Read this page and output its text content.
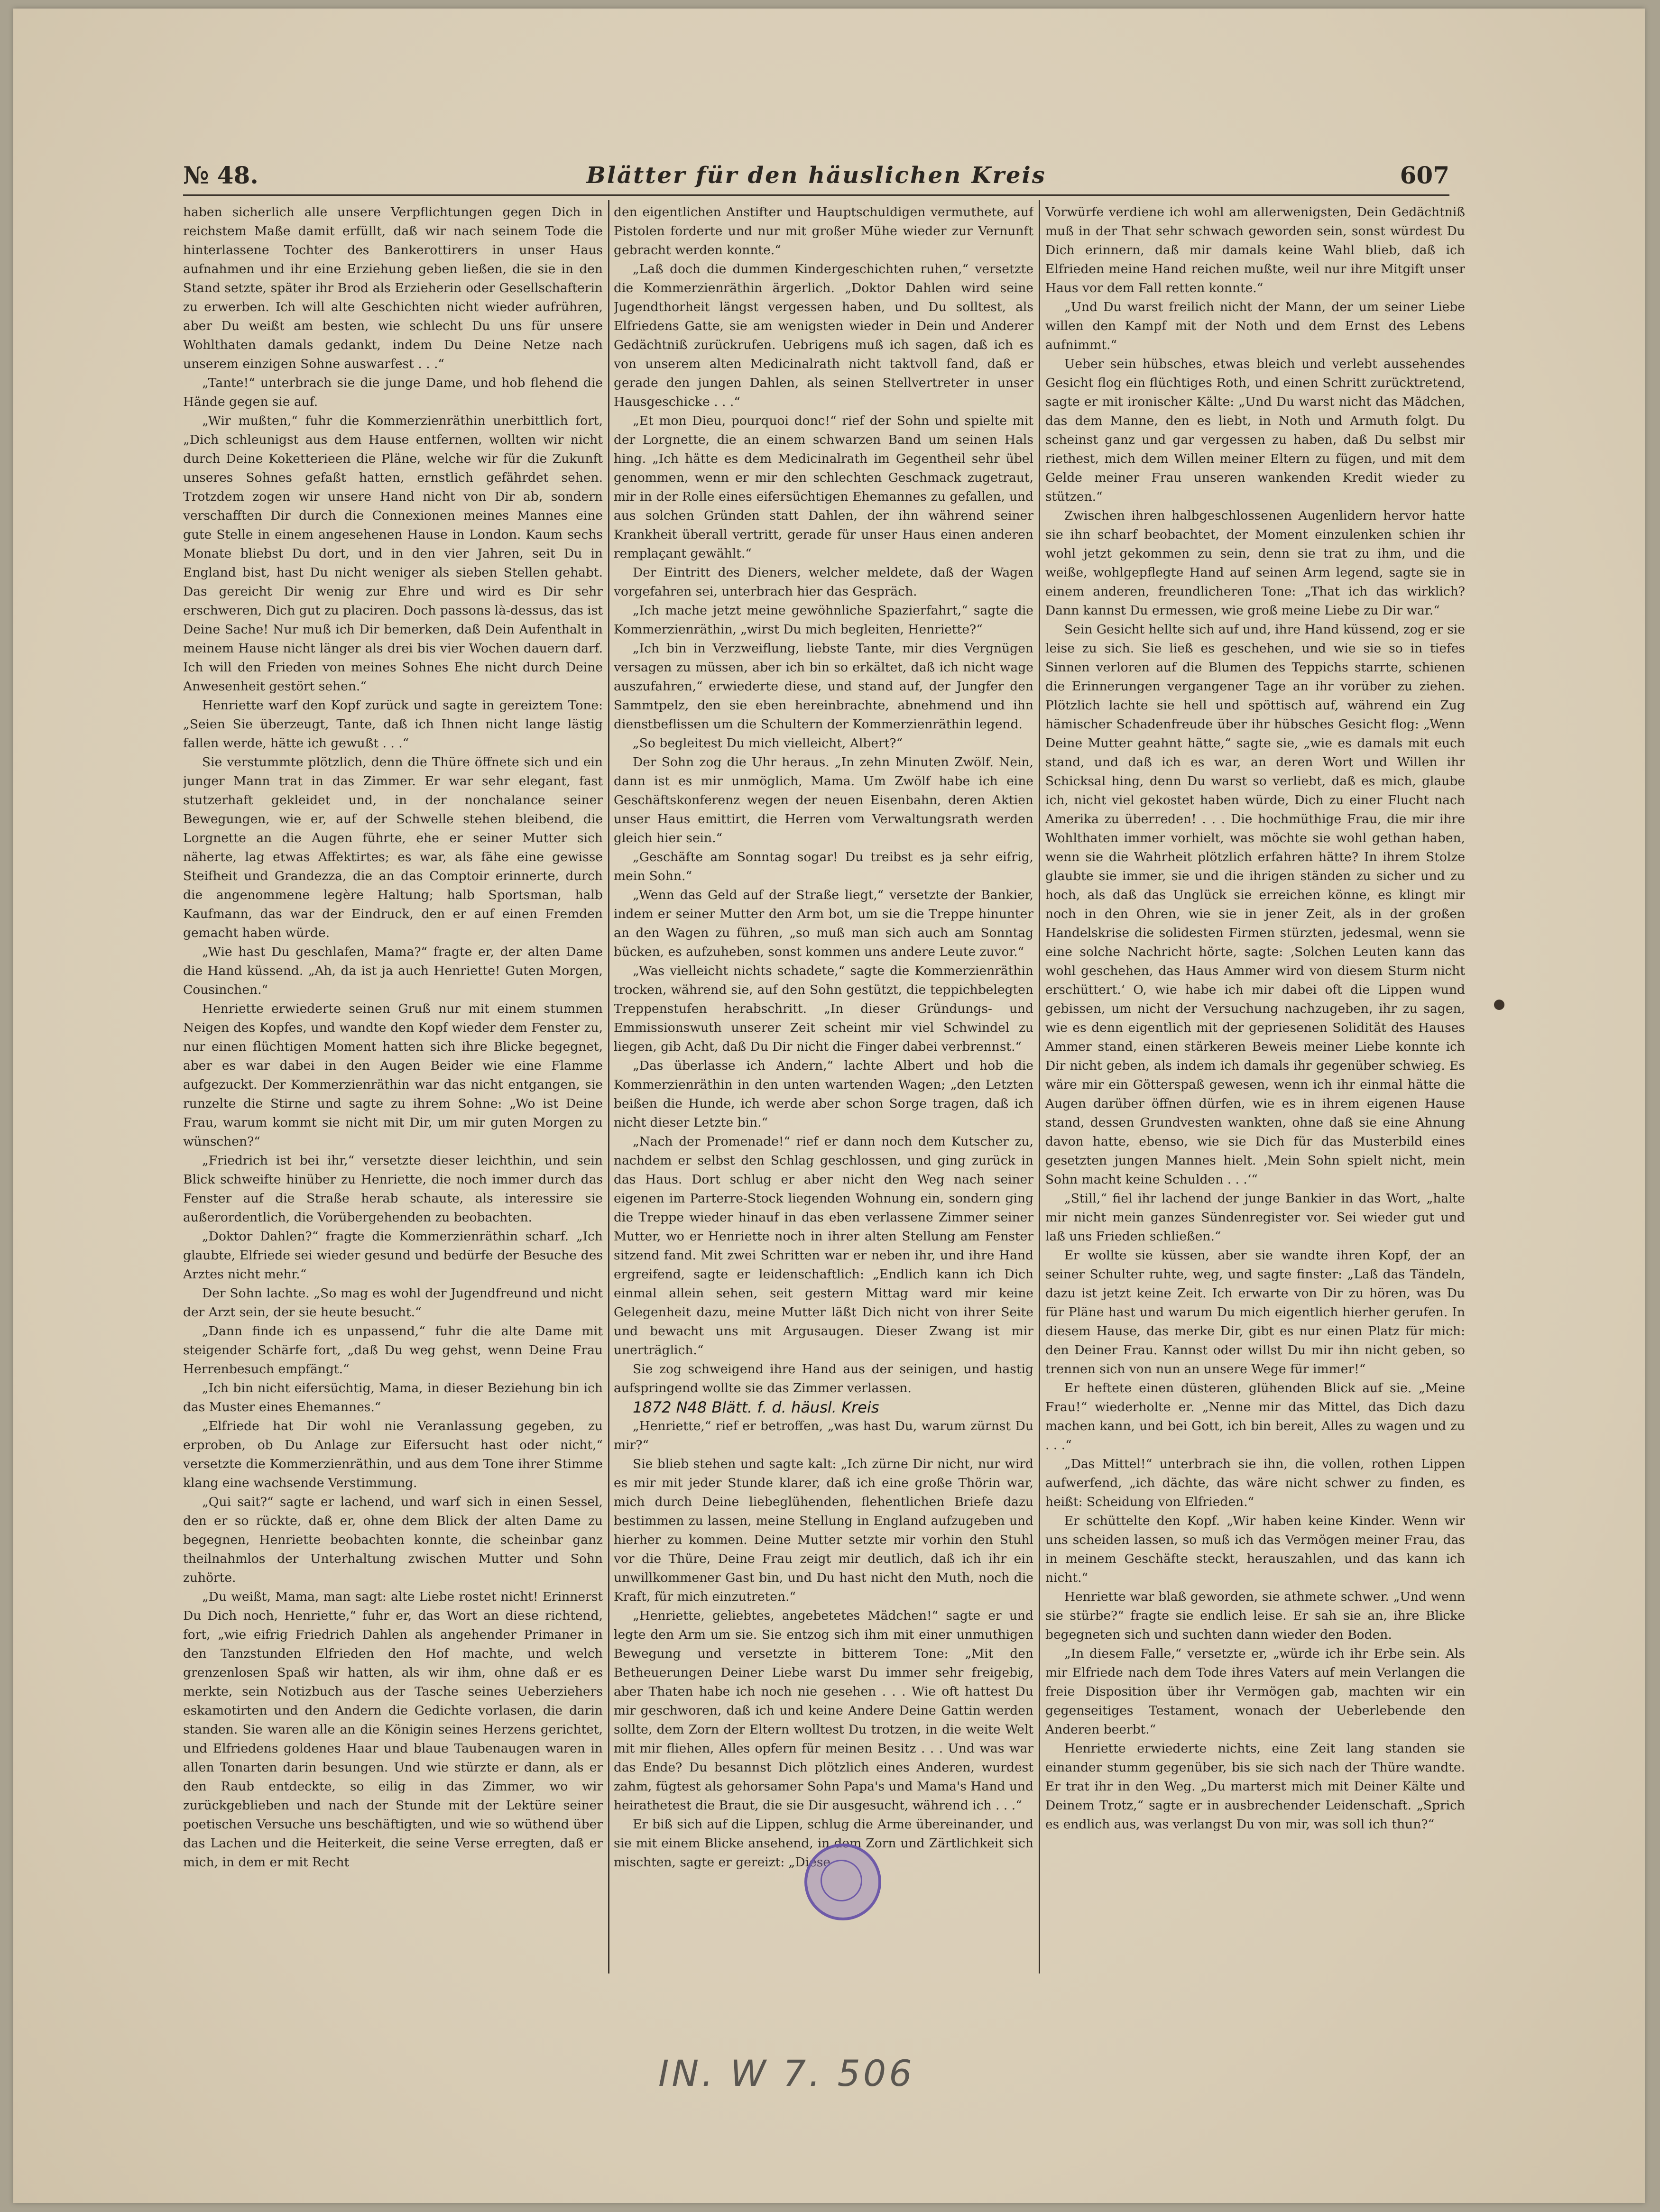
№ 48.	Blätter für den häuslichen Kreis	607

haben sicherlich alle unsere Verpflichtungen gegen Dich in reichstem Maße damit erfüllt, daß wir nach seinem Tode die hinterlassene Tochter des Bankerottirers in unser Haus aufnahmen und ihr eine Erziehung geben ließen, die sie in den Stand setzte, später ihr Brod als Erzieherin oder Gesellschafterin zu erwerben. Ich will alte Geschichten nicht wieder aufrühren, aber Du weißt am besten, wie schlecht Du uns für unsere Wohlthaten damals gedankt, indem Du Deine Netze nach unserem einzigen Sohne auswarfest . . .“

„Tante!“ unterbrach sie die junge Dame, und hob flehend die Hände gegen sie auf.

„Wir mußten,“ fuhr die Kommerzienräthin unerbittlich fort, „Dich schleunigst aus dem Hause entfernen, wollten wir nicht durch Deine Koketterieen die Pläne, welche wir für die Zukunft unseres Sohnes gefaßt hatten, ernstlich gefährdet sehen. Trotzdem zogen wir unsere Hand nicht von Dir ab, sondern verschafften Dir durch die Connexionen meines Mannes eine gute Stelle in einem angesehenen Hause in London. Kaum sechs Monate bliebst Du dort, und in den vier Jahren, seit Du in England bist, hast Du nicht weniger als sieben Stellen gehabt. Das gereicht Dir wenig zur Ehre und wird es Dir sehr erschweren, Dich gut zu placiren. Doch passons là-dessus, das ist Deine Sache! Nur muß ich Dir bemerken, daß Dein Aufenthalt in meinem Hause nicht länger als drei bis vier Wochen dauern darf. Ich will den Frieden von meines Sohnes Ehe nicht durch Deine Anwesenheit gestört sehen.“

Henriette warf den Kopf zurück und sagte in gereiztem Tone: „Seien Sie überzeugt, Tante, daß ich Ihnen nicht lange lästig fallen werde, hätte ich gewußt . . .“

Sie verstummte plötzlich, denn die Thüre öffnete sich und ein junger Mann trat in das Zimmer. Er war sehr elegant, fast stutzerhaft gekleidet und, in der nonchalance seiner Bewegungen, wie er, auf der Schwelle stehen bleibend, die Lorgnette an die Augen führte, ehe er seiner Mutter sich näherte, lag etwas Affektirtes; es war, als fähe eine gewisse Steifheit und Grandezza, die an das Comptoir erinnerte, durch die angenommene legère Haltung; halb Sportsman, halb Kaufmann, das war der Eindruck, den er auf einen Fremden gemacht haben würde.

„Wie hast Du geschlafen, Mama?“ fragte er, der alten Dame die Hand küssend. „Ah, da ist ja auch Henriette! Guten Morgen, Cousinchen.“

Henriette erwiederte seinen Gruß nur mit einem stummen Neigen des Kopfes, und wandte den Kopf wieder dem Fenster zu, nur einen flüchtigen Moment hatten sich ihre Blicke begegnet, aber es war dabei in den Augen Beider wie eine Flamme aufgezuckt. Der Kommerzienräthin war das nicht entgangen, sie runzelte die Stirne und sagte zu ihrem Sohne: „Wo ist Deine Frau, warum kommt sie nicht mit Dir, um mir guten Morgen zu wünschen?“

„Friedrich ist bei ihr,“ versetzte dieser leichthin, und sein Blick schweifte hinüber zu Henriette, die noch immer durch das Fenster auf die Straße herab schaute, als interessire sie außerordentlich, die Vorübergehenden zu beobachten.

„Doktor Dahlen?“ fragte die Kommerzienräthin scharf. „Ich glaubte, Elfriede sei wieder gesund und bedürfe der Besuche des Arztes nicht mehr.“

Der Sohn lachte. „So mag es wohl der Jugendfreund und nicht der Arzt sein, der sie heute besucht.“

„Dann finde ich es unpassend,“ fuhr die alte Dame mit steigender Schärfe fort, „daß Du weg gehst, wenn Deine Frau Herrenbesuch empfängt.“

„Ich bin nicht eifersüchtig, Mama, in dieser Beziehung bin ich das Muster eines Ehemannes.“

„Elfriede hat Dir wohl nie Veranlassung gegeben, zu erproben, ob Du Anlage zur Eifersucht hast oder nicht,“ versetzte die Kommerzienräthin, und aus dem Tone ihrer Stimme klang eine wachsende Verstimmung.

„Qui sait?“ sagte er lachend, und warf sich in einen Sessel, den er so rückte, daß er, ohne dem Blick der alten Dame zu begegnen, Henriette beobachten konnte, die scheinbar ganz theilnahmlos der Unterhaltung zwischen Mutter und Sohn zuhörte.

„Du weißt, Mama, man sagt: alte Liebe rostet nicht! Erinnerst Du Dich noch, Henriette,“ fuhr er, das Wort an diese richtend, fort, „wie eifrig Friedrich Dahlen als angehender Primaner in den Tanzstunden Elfrieden den Hof machte, und welch grenzenlosen Spaß wir hatten, als wir ihm, ohne daß er es merkte, sein Notizbuch aus der Tasche seines Ueberziehers eskamotirten und den Andern die Gedichte vorlasen, die darin standen. Sie waren alle an die Königin seines Herzens gerichtet, und Elfriedens goldenes Haar und blaue Taubenaugen waren in allen Tonarten darin besungen. Und wie stürzte er dann, als er den Raub entdeckte, so eilig in das Zimmer, wo wir zurückgeblieben und nach der Stunde mit der Lektüre seiner poetischen Versuche uns beschäftigten, und wie so wüthend über das Lachen und die Heiterkeit, die seine Verse erregten, daß er mich, in dem er mit Recht

den eigentlichen Anstifter und Hauptschuldigen vermuthete, auf Pistolen forderte und nur mit großer Mühe wieder zur Vernunft gebracht werden konnte.“

„Laß doch die dummen Kindergeschichten ruhen,“ versetzte die Kommerzienräthin ärgerlich. „Doktor Dahlen wird seine Jugendthorheit längst vergessen haben, und Du solltest, als Elfriedens Gatte, sie am wenigsten wieder in Dein und Anderer Gedächtniß zurückrufen. Uebrigens muß ich sagen, daß ich es von unserem alten Medicinalrath nicht taktvoll fand, daß er gerade den jungen Dahlen, als seinen Stellvertreter in unser Hausgeschicke . . .“

„Et mon Dieu, pourquoi donc!“ rief der Sohn und spielte mit der Lorgnette, die an einem schwarzen Band um seinen Hals hing. „Ich hätte es dem Medicinalrath im Gegentheil sehr übel genommen, wenn er mir den schlechten Geschmack zugetraut, mir in der Rolle eines eifersüchtigen Ehemannes zu gefallen, und aus solchen Gründen statt Dahlen, der ihn während seiner Krankheit überall vertritt, gerade für unser Haus einen anderen remplaçant gewählt.“

Der Eintritt des Dieners, welcher meldete, daß der Wagen vorgefahren sei, unterbrach hier das Gespräch.

„Ich mache jetzt meine gewöhnliche Spazierfahrt,“ sagte die Kommerzienräthin, „wirst Du mich begleiten, Henriette?“

„Ich bin in Verzweiflung, liebste Tante, mir dies Vergnügen versagen zu müssen, aber ich bin so erkältet, daß ich nicht wage auszufahren,“ erwiederte diese, und stand auf, der Jungfer den Sammtpelz, den sie eben hereinbrachte, abnehmend und ihn dienstbeflissen um die Schultern der Kommerzienräthin legend.

„So begleitest Du mich vielleicht, Albert?“

Der Sohn zog die Uhr heraus. „In zehn Minuten Zwölf. Nein, dann ist es mir unmöglich, Mama. Um Zwölf habe ich eine Geschäftskonferenz wegen der neuen Eisenbahn, deren Aktien unser Haus emittirt, die Herren vom Verwaltungsrath werden gleich hier sein.“

„Geschäfte am Sonntag sogar! Du treibst es ja sehr eifrig, mein Sohn.“

„Wenn das Geld auf der Straße liegt,“ versetzte der Bankier, indem er seiner Mutter den Arm bot, um sie die Treppe hinunter an den Wagen zu führen, „so muß man sich auch am Sonntag bücken, es aufzuheben, sonst kommen uns andere Leute zuvor.“

„Was vielleicht nichts schadete,“ sagte die Kommerzienräthin trocken, während sie, auf den Sohn gestützt, die teppichbelegten Treppenstufen herabschritt. „In dieser Gründungs- und Emmissionswuth unserer Zeit scheint mir viel Schwindel zu liegen, gib Acht, daß Du Dir nicht die Finger dabei verbrennst.“

„Das überlasse ich Andern,“ lachte Albert und hob die Kommerzienräthin in den unten wartenden Wagen; „den Letzten beißen die Hunde, ich werde aber schon Sorge tragen, daß ich nicht dieser Letzte bin.“

„Nach der Promenade!“ rief er dann noch dem Kutscher zu, nachdem er selbst den Schlag geschlossen, und ging zurück in das Haus. Dort schlug er aber nicht den Weg nach seiner eigenen im Parterre-Stock liegenden Wohnung ein, sondern ging die Treppe wieder hinauf in das eben verlassene Zimmer seiner Mutter, wo er Henriette noch in ihrer alten Stellung am Fenster sitzend fand. Mit zwei Schritten war er neben ihr, und ihre Hand ergreifend, sagte er leidenschaftlich: „Endlich kann ich Dich einmal allein sehen, seit gestern Mittag ward mir keine Gelegenheit dazu, meine Mutter läßt Dich nicht von ihrer Seite und bewacht uns mit Argusaugen. Dieser Zwang ist mir unerträglich.“

Sie zog schweigend ihre Hand aus der seinigen, und hastig aufspringend wollte sie das Zimmer verlassen.

1872 N48 Blätt. f. d. häusl. Kreis

„Henriette,“ rief er betroffen, „was hast Du, warum zürnst Du mir?“

Sie blieb stehen und sagte kalt: „Ich zürne Dir nicht, nur wird es mir mit jeder Stunde klarer, daß ich eine große Thörin war, mich durch Deine liebeglühenden, flehentlichen Briefe dazu bestimmen zu lassen, meine Stellung in England aufzugeben und hierher zu kommen. Deine Mutter setzte mir vorhin den Stuhl vor die Thüre, Deine Frau zeigt mir deutlich, daß ich ihr ein unwillkommener Gast bin, und Du hast nicht den Muth, noch die Kraft, für mich einzutreten.“

„Henriette, geliebtes, angebetetes Mädchen!“ sagte er und legte den Arm um sie. Sie entzog sich ihm mit einer unmuthigen Bewegung und versetzte in bitterem Tone: „Mit den Betheuerungen Deiner Liebe warst Du immer sehr freigebig, aber Thaten habe ich noch nie gesehen . . . Wie oft hattest Du mir geschworen, daß ich und keine Andere Deine Gattin werden sollte, dem Zorn der Eltern wolltest Du trotzen, in die weite Welt mit mir fliehen, Alles opfern für meinen Besitz . . . Und was war das Ende? Du besannst Dich plötzlich eines Anderen, wurdest zahm, fügtest als gehorsamer Sohn Papa's und Mama's Hand und heirathetest die Braut, die sie Dir ausgesucht, während ich . . .“

Er biß sich auf die Lippen, schlug die Arme übereinander, und sie mit einem Blicke ansehend, in dem Zorn und Zärtlichkeit sich mischten, sagte er gereizt: „Diese

Vorwürfe verdiene ich wohl am allerwenigsten, Dein Gedächtniß muß in der That sehr schwach geworden sein, sonst würdest Du Dich erinnern, daß mir damals keine Wahl blieb, daß ich Elfrieden meine Hand reichen mußte, weil nur ihre Mitgift unser Haus vor dem Fall retten konnte.“

„Und Du warst freilich nicht der Mann, der um seiner Liebe willen den Kampf mit der Noth und dem Ernst des Lebens aufnimmt.“

Ueber sein hübsches, etwas bleich und verlebt aussehendes Gesicht flog ein flüchtiges Roth, und einen Schritt zurücktretend, sagte er mit ironischer Kälte: „Und Du warst nicht das Mädchen, das dem Manne, den es liebt, in Noth und Armuth folgt. Du scheinst ganz und gar vergessen zu haben, daß Du selbst mir riethest, mich dem Willen meiner Eltern zu fügen, und mit dem Gelde meiner Frau unseren wankenden Kredit wieder zu stützen.“

Zwischen ihren halbgeschlossenen Augenlidern hervor hatte sie ihn scharf beobachtet, der Moment einzulenken schien ihr wohl jetzt gekommen zu sein, denn sie trat zu ihm, und die weiße, wohlgepflegte Hand auf seinen Arm legend, sagte sie in einem anderen, freundlicheren Tone: „That ich das wirklich? Dann kannst Du ermessen, wie groß meine Liebe zu Dir war.“

Sein Gesicht hellte sich auf und, ihre Hand küssend, zog er sie leise zu sich. Sie ließ es geschehen, und wie sie so in tiefes Sinnen verloren auf die Blumen des Teppichs starrte, schienen die Erinnerungen vergangener Tage an ihr vorüber zu ziehen. Plötzlich lachte sie hell und spöttisch auf, während ein Zug hämischer Schadenfreude über ihr hübsches Gesicht flog: „Wenn Deine Mutter geahnt hätte,“ sagte sie, „wie es damals mit euch stand, und daß ich es war, an deren Wort und Willen ihr Schicksal hing, denn Du warst so verliebt, daß es mich, glaube ich, nicht viel gekostet haben würde, Dich zu einer Flucht nach Amerika zu überreden! . . . Die hochmüthige Frau, die mir ihre Wohlthaten immer vorhielt, was möchte sie wohl gethan haben, wenn sie die Wahrheit plötzlich erfahren hätte? In ihrem Stolze glaubte sie immer, sie und die ihrigen ständen zu sicher und zu hoch, als daß das Unglück sie erreichen könne, es klingt mir noch in den Ohren, wie sie in jener Zeit, als in der großen Handelskrise die solidesten Firmen stürzten, jedesmal, wenn sie eine solche Nachricht hörte, sagte: ‚Solchen Leuten kann das wohl geschehen, das Haus Ammer wird von diesem Sturm nicht erschüttert.‘ O, wie habe ich mir dabei oft die Lippen wund gebissen, um nicht der Versuchung nachzugeben, ihr zu sagen, wie es denn eigentlich mit der gepriesenen Solidität des Hauses Ammer stand, einen stärkeren Beweis meiner Liebe konnte ich Dir nicht geben, als indem ich damals ihr gegenüber schwieg. Es wäre mir ein Götterspaß gewesen, wenn ich ihr einmal hätte die Augen darüber öffnen dürfen, wie es in ihrem eigenen Hause stand, dessen Grundvesten wankten, ohne daß sie eine Ahnung davon hatte, ebenso, wie sie Dich für das Musterbild eines gesetzten jungen Mannes hielt. ‚Mein Sohn spielt nicht, mein Sohn macht keine Schulden . . .‘“

„Still,“ fiel ihr lachend der junge Bankier in das Wort, „halte mir nicht mein ganzes Sündenregister vor. Sei wieder gut und laß uns Frieden schließen.“

Er wollte sie küssen, aber sie wandte ihren Kopf, der an seiner Schulter ruhte, weg, und sagte finster: „Laß das Tändeln, dazu ist jetzt keine Zeit. Ich erwarte von Dir zu hören, was Du für Pläne hast und warum Du mich eigentlich hierher gerufen. In diesem Hause, das merke Dir, gibt es nur einen Platz für mich: den Deiner Frau. Kannst oder willst Du mir ihn nicht geben, so trennen sich von nun an unsere Wege für immer!“

Er heftete einen düsteren, glühenden Blick auf sie. „Meine Frau!“ wiederholte er. „Nenne mir das Mittel, das Dich dazu machen kann, und bei Gott, ich bin bereit, Alles zu wagen und zu . . .“

„Das Mittel!“ unterbrach sie ihn, die vollen, rothen Lippen aufwerfend, „ich dächte, das wäre nicht schwer zu finden, es heißt: Scheidung von Elfrieden.“

Er schüttelte den Kopf. „Wir haben keine Kinder. Wenn wir uns scheiden lassen, so muß ich das Vermögen meiner Frau, das in meinem Geschäfte steckt, herauszahlen, und das kann ich nicht.“

Henriette war blaß geworden, sie athmete schwer. „Und wenn sie stürbe?“ fragte sie endlich leise. Er sah sie an, ihre Blicke begegneten sich und suchten dann wieder den Boden.

„In diesem Falle,“ versetzte er, „würde ich ihr Erbe sein. Als mir Elfriede nach dem Tode ihres Vaters auf mein Verlangen die freie Disposition über ihr Vermögen gab, machten wir ein gegenseitiges Testament, wonach der Ueberlebende den Anderen beerbt.“

Henriette erwiederte nichts, eine Zeit lang standen sie einander stumm gegenüber, bis sie sich nach der Thüre wandte. Er trat ihr in den Weg. „Du marterst mich mit Deiner Kälte und Deinem Trotz,“ sagte er in ausbrechender Leidenschaft. „Sprich es endlich aus, was verlangst Du von mir, was soll ich thun?“

IN. W 7. 506
